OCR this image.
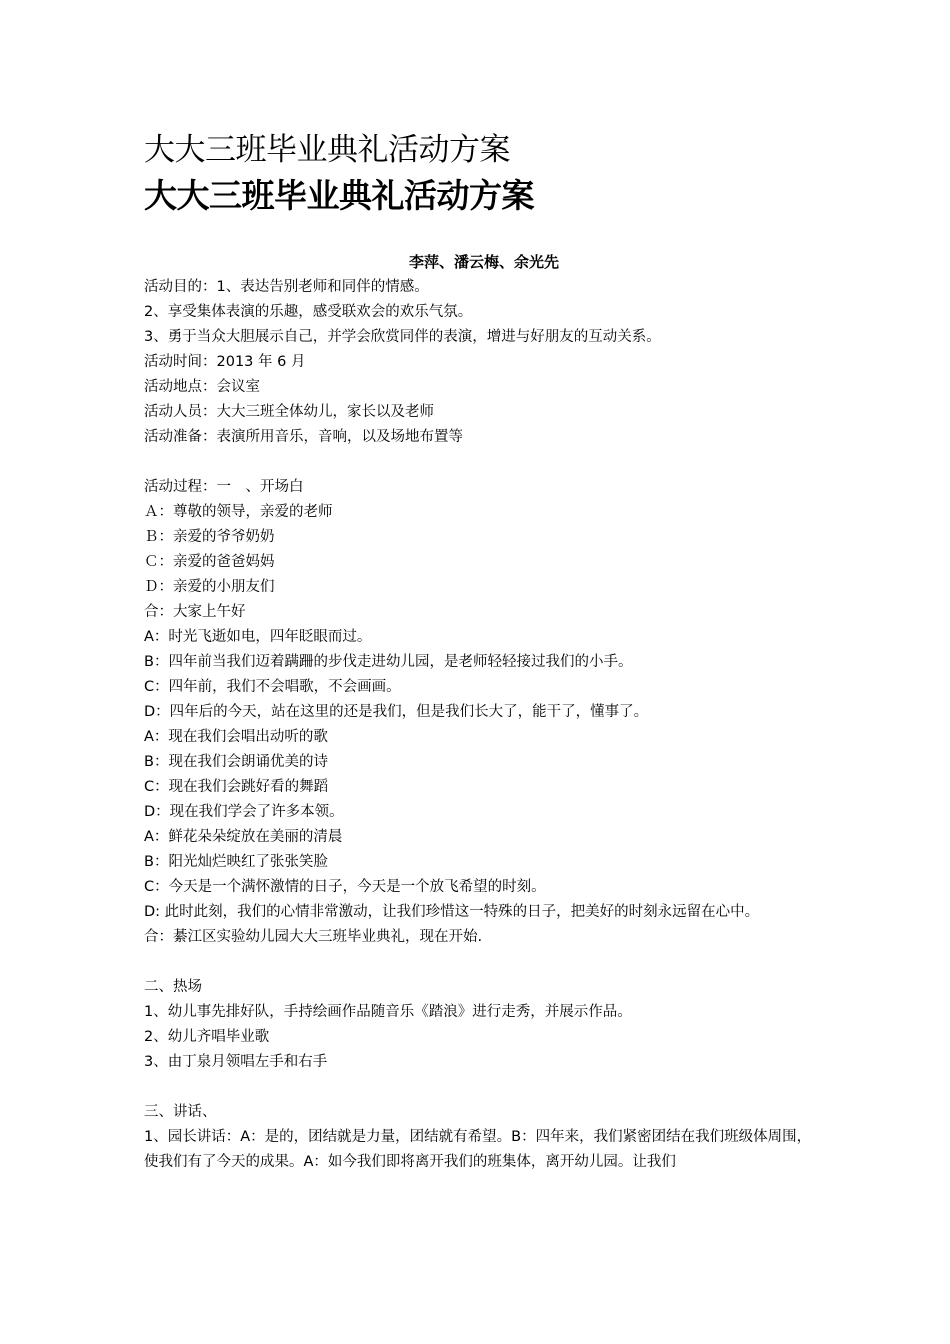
大大三班毕业典礼活动方案
大大三班毕业典礼活动方案
李萍、潘云梅、余光先

活动目的：1、表达告别老师和同伴的情感。

2、享受集体表演的乐趣，感受联欢会的欢乐气氛。

3、勇于当众大胆展示自己，并学会欣赏同伴的表演，增进与好朋友的互动关系。

活动时间：2013 年 6 月

活动地点：会议室

活动人员：大大三班全体幼儿，家长以及老师

活动准备：表演所用音乐，音响，以及场地布置等

活动过程：一　、开场白

Ａ：尊敬的领导，亲爱的老师

Ｂ：亲爱的爷爷奶奶

Ｃ：亲爱的爸爸妈妈

Ｄ：亲爱的小朋友们

合：大家上午好

A：时光飞逝如电，四年眨眼而过。

B：四年前当我们迈着蹒跚的步伐走进幼儿园，是老师轻轻接过我们的小手。

C：四年前，我们不会唱歌，不会画画。

D：四年后的今天，站在这里的还是我们，但是我们长大了，能干了，懂事了。

A：现在我们会唱出动听的歌

B：现在我们会朗诵优美的诗

C：现在我们会跳好看的舞蹈

D：现在我们学会了许多本领。

A：鲜花朵朵绽放在美丽的清晨

B：阳光灿烂映红了张张笑脸

C：今天是一个满怀激情的日子，今天是一个放飞希望的时刻。

D: 此时此刻，我们的心情非常激动，让我们珍惜这一特殊的日子，把美好的时刻永远留在心中。

合：綦江区实验幼儿园大大三班毕业典礼，现在开始.

二、热场

1、幼儿事先排好队，手持绘画作品随音乐《踏浪》进行走秀，并展示作品。

2、幼儿齐唱毕业歌

3、由丁泉月领唱左手和右手

三、讲话、

1、园长讲话：A：是的，团结就是力量，团结就有希望。B：四年来，我们紧密团结在我们班级体周围，使我们有了今天的成果。A：如今我们即将离开我们的班集体，离开幼儿园。让我们
